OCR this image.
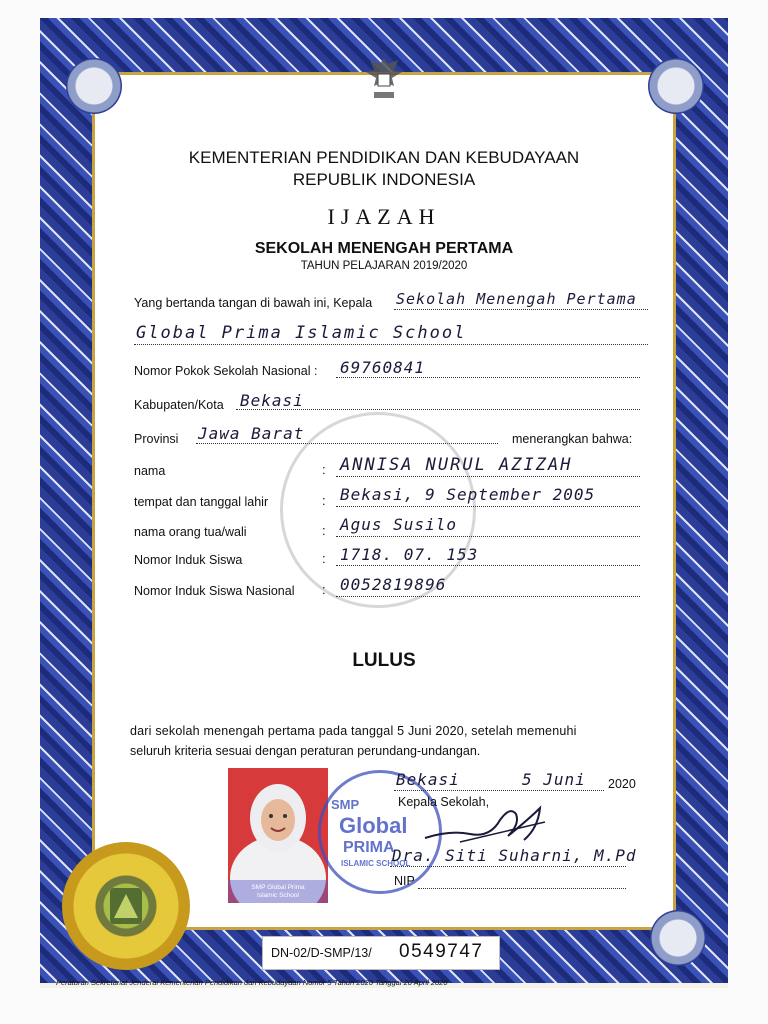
KEMENTERIAN PENDIDIKAN DAN KEBUDAYAAN
REPUBLIK INDONESIA
IJAZAH
SEKOLAH MENENGAH PERTAMA
TAHUN PELAJARAN 2019/2020
Yang bertanda tangan di bawah ini, Kepala Sekolah Menengah Pertama
Global Prima Islamic School
Nomor Pokok Sekolah Nasional : 69760841
Kabupaten/Kota Bekasi
Provinsi Jawa Barat	menerangkan bahwa:
nama	: ANNISA NURUL AZIZAH
tempat dan tanggal lahir	: Bekasi, 9 September 2005
nama orang tua/wali	: Agus Susilo
Nomor Induk Siswa	: 1718. 07. 153
Nomor Induk Siswa Nasional : 0052819896
LULUS
dari sekolah menengah pertama pada tanggal 5 Juni 2020, setelah memenuhi
seluruh kriteria sesuai dengan peraturan perundang-undangan.
SMP Global Prima
Islamic School
SMP
Global
PRIMA
ISLAMIC SCHOOL
Bekasi	5 Juni 2020
Kepala Sekolah,
Dra. Siti Suharni, M.Pd
NIP
DN-02/D-SMP/13/ 0549747
Peraturan Sekretariat Jenderal Kementerian Pendidikan dan Kebudayaan Nomor 5 Tahun 2020 Tanggal 20 April 2020
